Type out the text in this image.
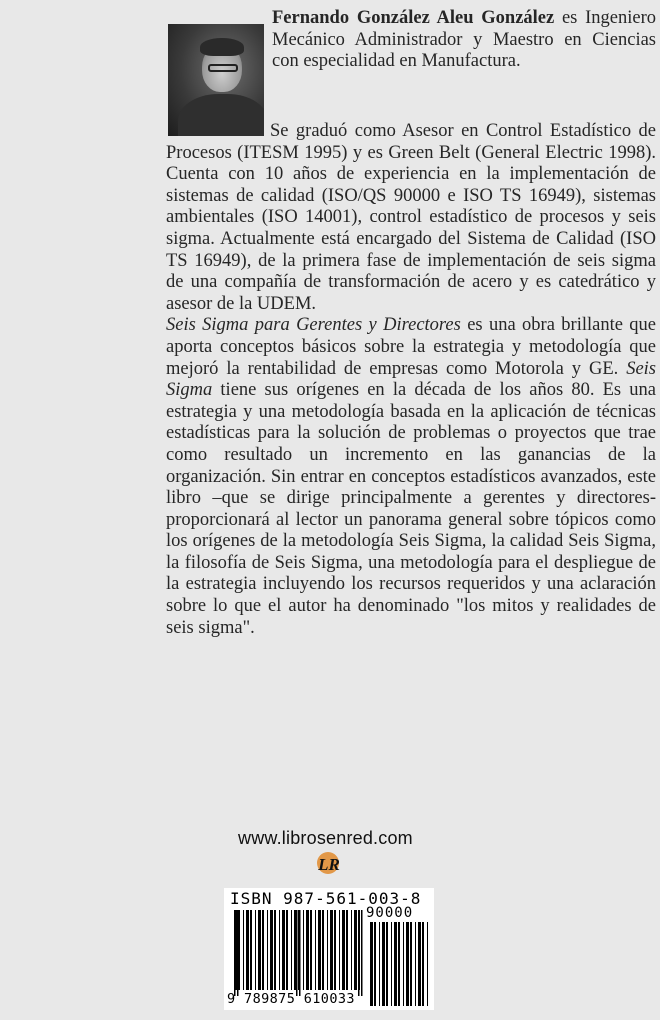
Fernando González Aleu González es Ingeniero Mecánico Administrador y Maestro en Ciencias con especialidad en Manufactura.

Se graduó como Asesor en Control Estadístico de Procesos (ITESM 1995) y es Green Belt (General Electric 1998). Cuenta con 10 años de experiencia en la implementación de sistemas de calidad (ISO/QS 90000 e ISO TS 16949), sistemas ambientales (ISO 14001), control estadístico de procesos y seis sigma. Actualmente está encargado del Sistema de Calidad (ISO TS 16949), de la primera fase de implementación de seis sigma de una compañía de transformación de acero y es catedrático y asesor de la UDEM.

Seis Sigma para Gerentes y Directores es una obra brillante que aporta conceptos básicos sobre la estrategia y metodología que mejoró la rentabilidad de empresas como Motorola y GE. Seis Sigma tiene sus orígenes en la década de los años 80. Es una estrategia y una metodología basada en la aplicación de técnicas estadísticas para la solución de problemas o proyectos que trae como resultado un incremento en las ganancias de la organización. Sin entrar en conceptos estadísticos avanzados, este libro –que se dirige principalmente a gerentes y directores- proporcionará al lector un panorama general sobre tópicos como los orígenes de la metodología Seis Sigma, la calidad Seis Sigma, la filosofía de Seis Sigma, una metodología para el despliegue de la estrategia incluyendo los recursos requeridos y una aclaración sobre lo que el autor ha denominado "los mitos y realidades de seis sigma".

www.librosenred.com
LR
ISBN 987-561-003-8
90000
9 789875 610033
